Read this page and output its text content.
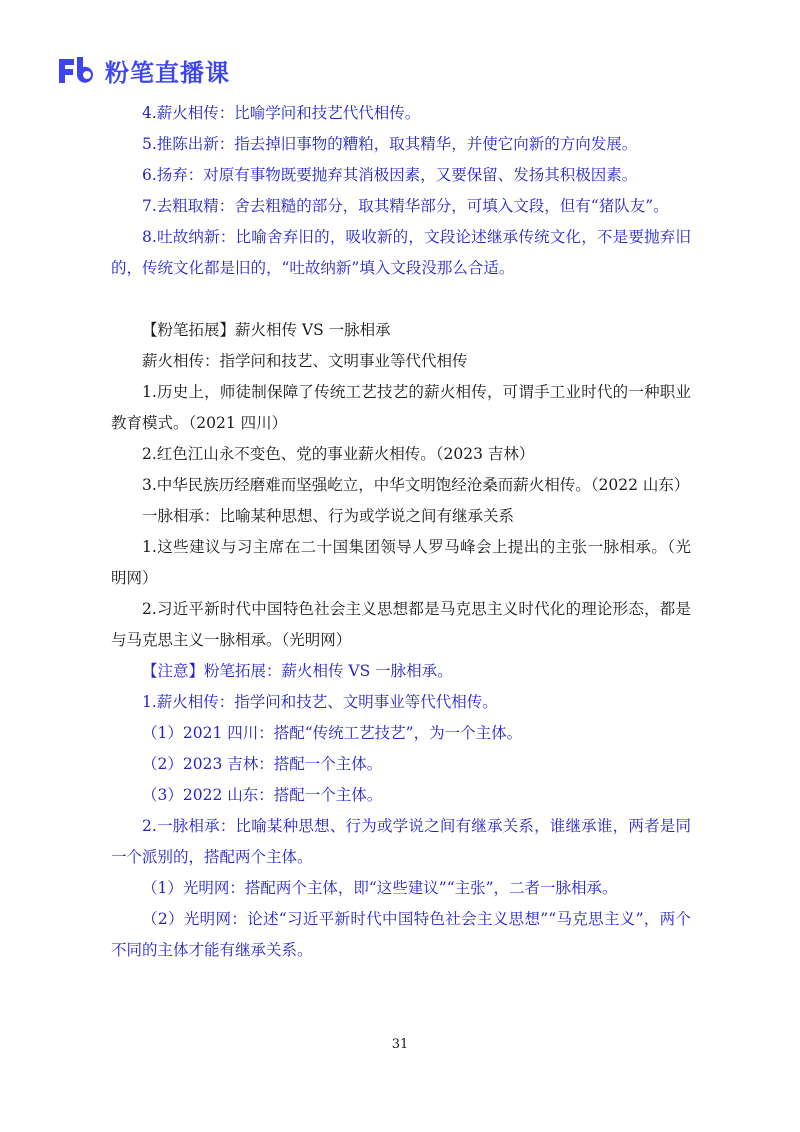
粉笔直播课

4.薪火相传：比喻学问和技艺代代相传。

5.推陈出新：指去掉旧事物的糟粕，取其精华，并使它向新的方向发展。

6.扬弃：对原有事物既要抛弃其消极因素，又要保留、发扬其积极因素。

7.去粗取精：舍去粗糙的部分，取其精华部分，可填入文段，但有“猪队友”。

8.吐故纳新：比喻舍弃旧的，吸收新的，文段论述继承传统文化，不是要抛弃旧的，传统文化都是旧的，“吐故纳新”填入文段没那么合适。

【粉笔拓展】薪火相传 VS 一脉相承

薪火相传：指学问和技艺、文明事业等代代相传

1.历史上，师徒制保障了传统工艺技艺的薪火相传，可谓手工业时代的一种职业教育模式。（2021 四川）

2.红色江山永不变色、党的事业薪火相传。（2023 吉林）

3.中华民族历经磨难而坚强屹立，中华文明饱经沧桑而薪火相传。（2022 山东）

一脉相承：比喻某种思想、行为或学说之间有继承关系

1.这些建议与习主席在二十国集团领导人罗马峰会上提出的主张一脉相承。（光明网）

2.习近平新时代中国特色社会主义思想都是马克思主义时代化的理论形态，都是与马克思主义一脉相承。（光明网）

【注意】粉笔拓展：薪火相传 VS 一脉相承。

1.薪火相传：指学问和技艺、文明事业等代代相传。

（1）2021 四川：搭配“传统工艺技艺”，为一个主体。

（2）2023 吉林：搭配一个主体。

（3）2022 山东：搭配一个主体。

2.一脉相承：比喻某种思想、行为或学说之间有继承关系，谁继承谁，两者是同一个派别的，搭配两个主体。

（1）光明网：搭配两个主体，即“这些建议”“主张”，二者一脉相承。

（2）光明网：论述“习近平新时代中国特色社会主义思想”“马克思主义”，两个不同的主体才能有继承关系。

31
